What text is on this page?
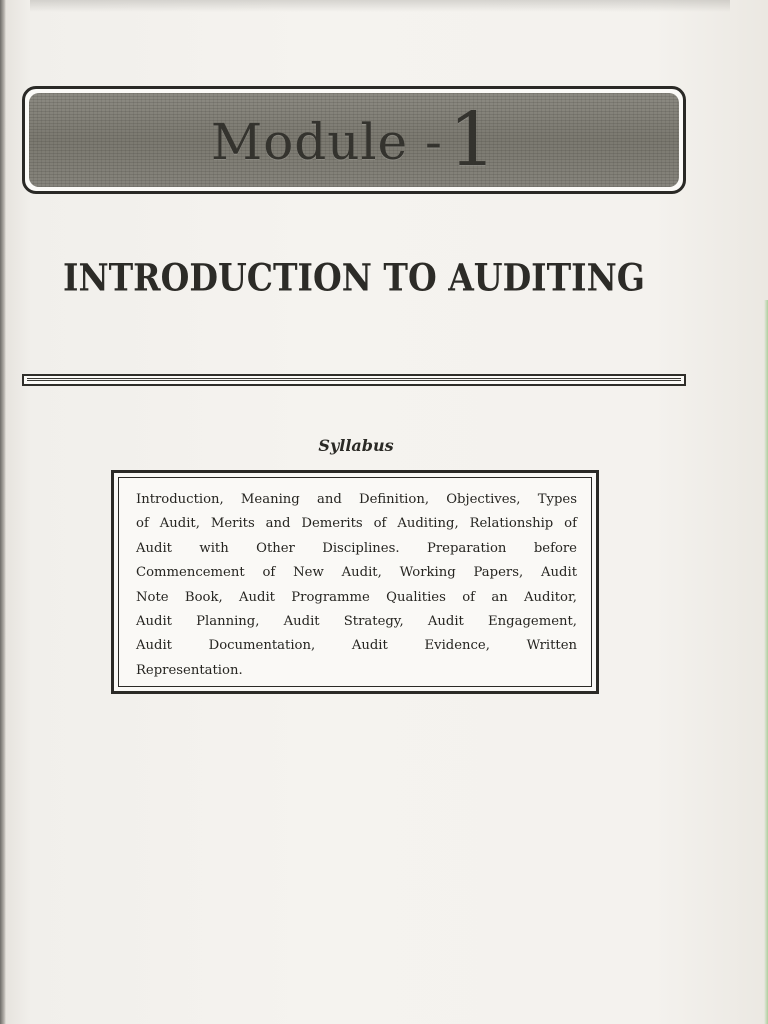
Module -1
INTRODUCTION TO AUDITING
Syllabus
Introduction, Meaning and Definition, Objectives, Types
of Audit, Merits and Demerits of Auditing, Relationship of
Audit with Other Disciplines. Preparation before
Commencement of New Audit, Working Papers, Audit
Note Book, Audit Programme Qualities of an Auditor,
Audit Planning, Audit Strategy, Audit Engagement,
Audit Documentation, Audit Evidence, Written
Representation.
